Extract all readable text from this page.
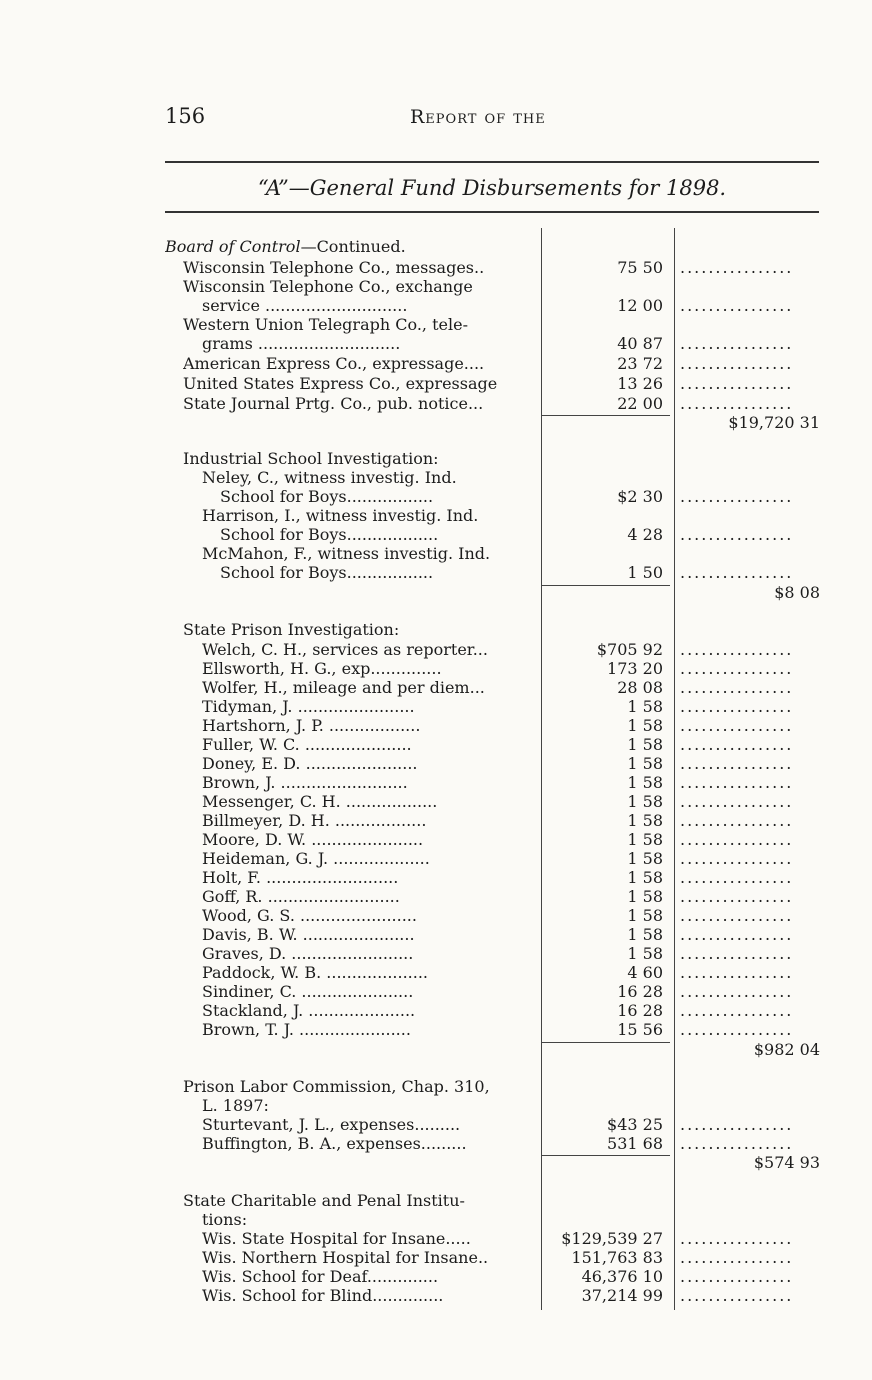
156	Report of the
“A”—General Fund Disbursements for 1898.
Board of Control—Continued.
Wisconsin Telephone Co., messages..	75 50 ................
Wisconsin Telephone Co., exchange
service ............................	12 00 ................
Western Union Telegraph Co., tele-
grams ............................	40 87 ................
American Express Co., expressage....	23 72 ................
United States Express Co., expressage	13 26 ................
State Journal Prtg. Co., pub. notice...	22 00 ................
$19,720 31
Industrial School Investigation:
Neley, C., witness investig. Ind.
School for Boys.................	$2 30 ................
Harrison, I., witness investig. Ind.
School for Boys..................	4 28 ................
McMahon, F., witness investig. Ind.
School for Boys.................	1 50 ................
$8 08
State Prison Investigation:
Welch, C. H., services as reporter...	$705 92 ................
Ellsworth, H. G., exp..............	173 20 ................
Wolfer, H., mileage and per diem...	28 08 ................
Tidyman, J. .......................	1 58 ................
Hartshorn, J. P. ..................	1 58 ................
Fuller, W. C. .....................	1 58 ................
Doney, E. D. ......................	1 58 ................
Brown, J. .........................	1 58 ................
Messenger, C. H. ..................	1 58 ................
Billmeyer, D. H. ..................	1 58 ................
Moore, D. W. ......................	1 58 ................
Heideman, G. J. ...................	1 58 ................
Holt, F. ..........................	1 58 ................
Goff, R. ..........................	1 58 ................
Wood, G. S. .......................	1 58 ................
Davis, B. W. ......................	1 58 ................
Graves, D. ........................	1 58 ................
Paddock, W. B. ....................	4 60 ................
Sindiner, C. ......................	16 28 ................
Stackland, J. .....................	16 28 ................
Brown, T. J. ......................	15 56 ................
$982 04
Prison Labor Commission, Chap. 310,
L. 1897:
Sturtevant, J. L., expenses.........	$43 25 ................
Buffington, B. A., expenses.........	531 68 ................
$574 93
State Charitable and Penal Institu-
tions:
Wis. State Hospital for Insane.....	$129,539 27 ................
Wis. Northern Hospital for Insane..	151,763 83 ................
Wis. School for Deaf..............	46,376 10 ................
Wis. School for Blind..............	37,214 99 ................
